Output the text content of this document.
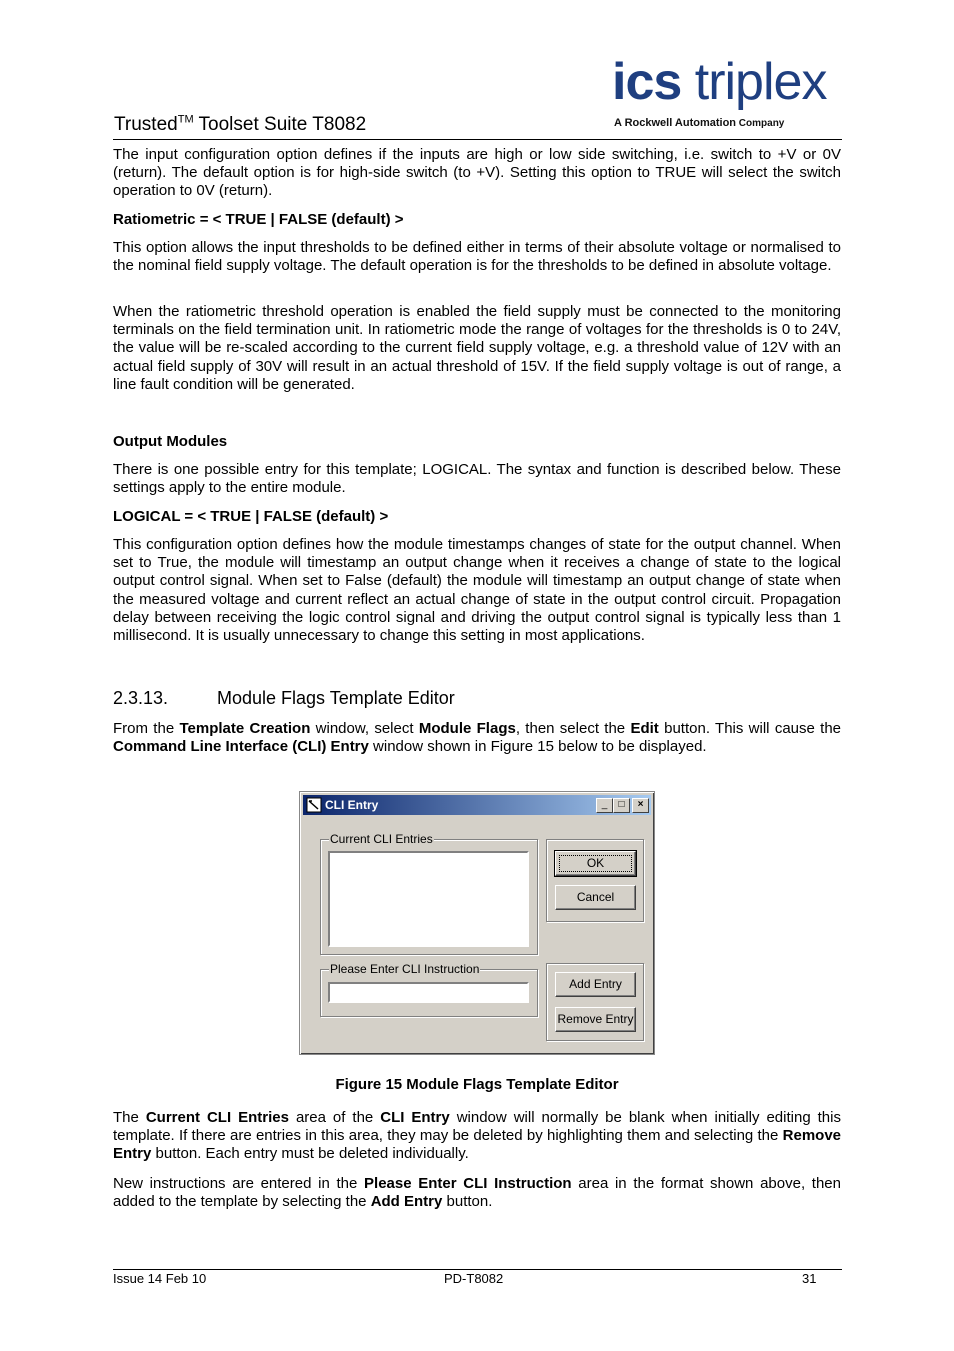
Trusted™ Toolset Suite T8082
ics triplex
A Rockwell Automation Company
The input configuration option defines if the inputs are high or low side switching, i.e. switch to +V or 0V (return). The default option is for high-side switch (to +V). Setting this option to TRUE will select the switch operation to 0V (return).
Ratiometric = < TRUE | FALSE (default) >
This option allows the input thresholds to be defined either in terms of their absolute voltage or normalised to the nominal field supply voltage. The default operation is for the thresholds to be defined in absolute voltage.
When the ratiometric threshold operation is enabled the field supply must be connected to the monitoring terminals on the field termination unit. In ratiometric mode the range of voltages for the thresholds is 0 to 24V, the value will be re-scaled according to the current field supply voltage, e.g. a threshold value of 12V with an actual field supply of 30V will result in an actual threshold of 15V. If the field supply voltage is out of range, a line fault condition will be generated.
Output Modules
There is one possible entry for this template; LOGICAL. The syntax and function is described below. These settings apply to the entire module.
LOGICAL = < TRUE | FALSE (default) >
This configuration option defines how the module timestamps changes of state for the output channel. When set to True, the module will timestamp an output change when it receives a change of state to the logical output control signal. When set to False (default) the module will timestamp an output change of state when the measured voltage and current reflect an actual change of state in the output control circuit. Propagation delay between receiving the logic control signal and driving the output control signal is typically less than 1 millisecond. It is usually unnecessary to change this setting in most applications.
2.3.13.	Module Flags Template Editor
From the Template Creation window, select Module Flags, then select the Edit button. This will cause the Command Line Interface (CLI) Entry window shown in Figure 15 below to be displayed.
CLI Entry	_	□	×
Current CLI Entries
OK
Cancel
Please Enter CLI Instruction
Add Entry
Remove Entry
Figure 15 Module Flags Template Editor
The Current CLI Entries area of the CLI Entry window will normally be blank when initially editing this template. If there are entries in this area, they may be deleted by highlighting them and selecting the Remove Entry button. Each entry must be deleted individually.
New instructions are entered in the Please Enter CLI Instruction area in the format shown above, then added to the template by selecting the Add Entry button.
Issue 14 Feb 10	PD-T8082	31
